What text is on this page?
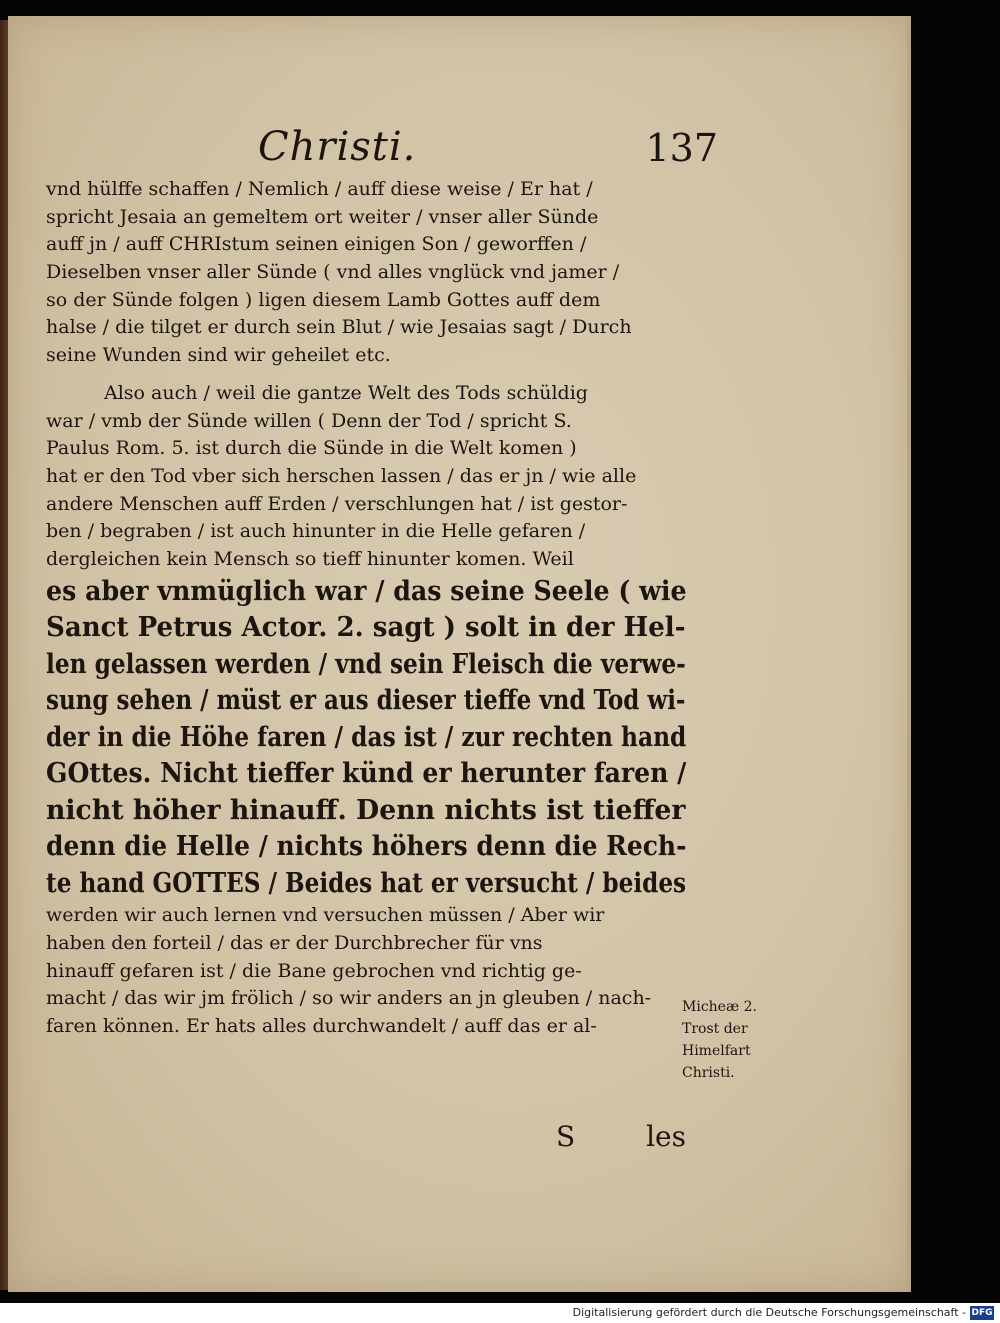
Christi.	137
vnd hülffe schaffen / Nemlich / auff diese weise / Er hat /
spricht Jesaia an gemeltem ort weiter / vnser aller Sünde
auff jn / auff CHRIstum seinen einigen Son / geworffen /
Dieselben vnser aller Sünde ( vnd alles vnglück vnd jamer /
so der Sünde folgen ) ligen diesem Lamb Gottes auff dem
halse / die tilget er durch sein Blut / wie Jesaias sagt / Durch
seine Wunden sind wir geheilet etc.
Also auch / weil die gantze Welt des Tods schüldig
war / vmb der Sünde willen ( Denn der Tod / spricht S.
Paulus Rom. 5. ist durch die Sünde in die Welt komen )
hat er den Tod vber sich herschen lassen / das er jn / wie alle
andere Menschen auff Erden / verschlungen hat / ist gestor-
ben / begraben / ist auch hinunter in die Helle gefaren /
dergleichen kein Mensch so tieff hinunter komen. Weil
es aber vnmüglich war / das seine Seele ( wie
Sanct Petrus Actor. 2. sagt ) solt in der Hel-
len gelassen werden / vnd sein Fleisch die verwe-
sung sehen / müst er aus dieser tieffe vnd Tod wi-
der in die Höhe faren / das ist / zur rechten hand
GOttes. Nicht tieffer künd er herunter faren /
nicht höher hinauff. Denn nichts ist tieffer
denn die Helle / nichts höhers denn die Rech-
te hand GOTTES / Beides hat er versucht / beides
werden wir auch lernen vnd versuchen müssen / Aber wir
haben den forteil / das er der Durchbrecher für vns
hinauff gefaren ist / die Bane gebrochen vnd richtig ge-
macht / das wir jm frölich / so wir anders an jn gleuben / nach-
faren können. Er hats alles durchwandelt / auff das er al-
Micheæ 2.
Trost der
Himelfart
Christi.
S	les
Digitalisierung gefördert durch die Deutsche Forschungsgemeinschaft - DFG
